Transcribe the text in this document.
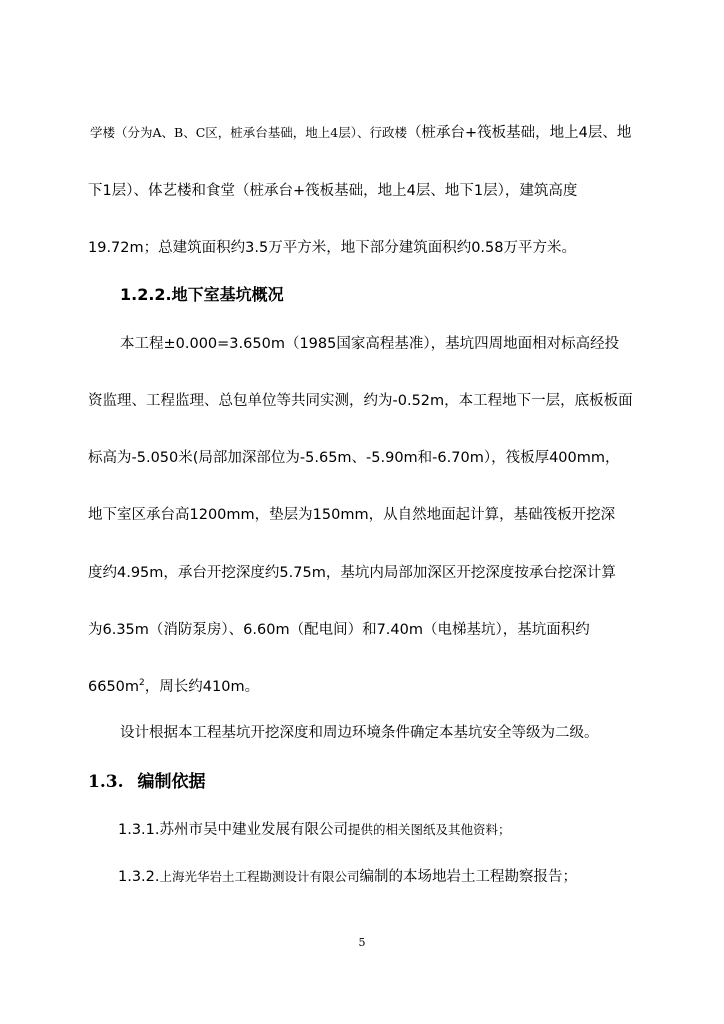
学楼（分为A、B、C区，桩承台基础，地上4层）、行政楼（桩承台+筏板基础，地上4层、地
下1层）、体艺楼和食堂（桩承台+筏板基础，地上4层、地下1层），建筑高度
19.72m；总建筑面积约3.5万平方米，地下部分建筑面积约0.58万平方米。
1.2.2.地下室基坑概况
本工程±0.000=3.650m（1985国家高程基准），基坑四周地面相对标高经投
资监理、工程监理、总包单位等共同实测，约为-0.52m，本工程地下一层，底板板面
标高为-5.050米(局部加深部位为-5.65m、-5.90m和-6.70m），筏板厚400mm，
地下室区承台高1200mm，垫层为150mm，从自然地面起计算，基础筏板开挖深
度约4.95m，承台开挖深度约5.75m，基坑内局部加深区开挖深度按承台挖深计算
为6.35m（消防泵房）、6.60m（配电间）和7.40m（电梯基坑），基坑面积约
$6650m^2$，周长约410m。
设计根据本工程基坑开挖深度和周边环境条件确定本基坑安全等级为二级。
1.3. 编制依据
1.3.1.苏州市吴中建业发展有限公司提供的相关图纸及其他资料；
1.3.2.上海光华岩土工程勘测设计有限公司编制的本场地岩土工程勘察报告；
5
